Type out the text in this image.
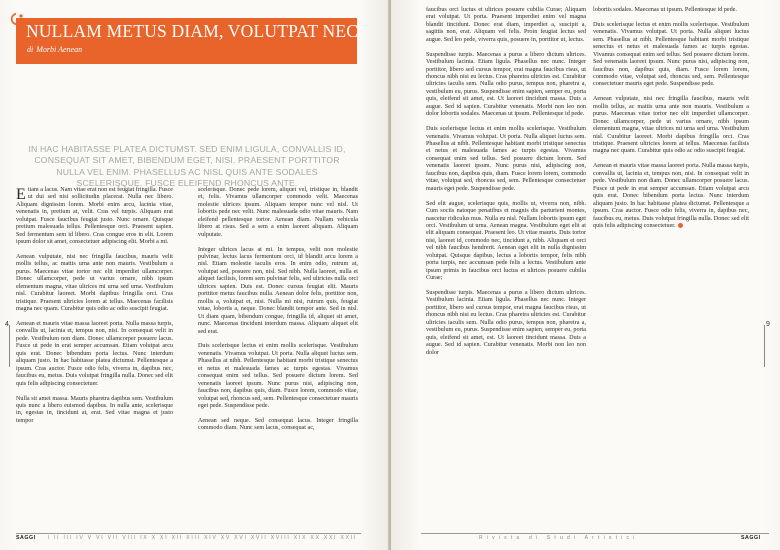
NULLAM METUS DIAM, VOLUTPAT NEC
di Morbi Aenean
IN HAC HABITASSE PLATEA DICTUMST. SED ENIM LIGULA, CONVALLIS ID, CONSEQUAT SIT AMET, BIBENDUM EGET, NISI. PRAESENT PORTTITOR NULLA VEL ENIM. PHASELLUS AC NISL QUIS ANTE SODALES SCELERISQUE. FUSCE ELEIFEND RHONCUS ANTE.

Etiam a lacus. Nam vitae erat non est feugiat fringilla. Fusce ut dui sed nisi sollicitudin placerat. Nulla nec libero. Aliquam dignissim lorem. Morbi enim arcu, lacinia vitae, venenatis in, pretium at, velit. Cras vel turpis. Aliquam erat volutpat. Fusce faucibus feugiat justo. Nunc ornare. Quisque pretium malesuada tellus. Pellentesque orci. Praesent sapien. Sed fermentum sem id libero. Cras congue eros in elit. Lorem ipsum dolor sit amet, consectetuer adipiscing elit. Morbi a mi.

Aenean vulputate, nisi nec fringilla faucibus, mauris velit mollis tellus, ac mattis urna ante non mauris. Vestibulum a purus. Maecenas vitae tortor nec elit imperdiet ullamcorper. Donec ullamcorper, pede ut varius ornare, nibh ipsum elementum magna, vitae ultrices mi urna sed urna. Vestibulum nisl. Curabitur laoreet. Morbi dapibus fringilla orci. Cras tristique. Praesent ultricies lorem at tellus. Maecenas facilisis magna nec quam. Curabitur quis odio ac odio suscipit feugiat.

Aenean et mauris vitae massa laoreet porta. Nulla massa turpis, convallis ut, lacinia et, tempus non, nisi. In consequat velit in pede. Vestibulum non diam. Donec ullamcorper posuere lacus. Fusce ut pede in erat semper accumsan. Etiam volutpat arcu quis erat. Donec bibendum porta lectus. Nunc interdum aliquam justo. In hac habitasse platea dictumst. Pellentesque a ipsum. Cras auctor. Fusce odio felis, viverra in, dapibus nec, faucibus eu, metus. Duis volutpat fringilla nulla. Donec sed elit quis felis adipiscing consectetuer.

Nulla sit amet massa. Mauris pharetra dapibus sem. Vestibulum quis nunc a libero euismod dapibus. In nulla ante, scelerisque in, egestas in, tincidunt at, erat. Sed vitae magna et justo tempor

scelerisque. Donec pede lorem, aliquet vel, tristique in, blandit et, felis. Vivamus ullamcorper commodo velit. Maecenas molestie ultrices ipsum. Aliquam tempor nunc vel nisl. Ut lobortis pede nec velit. Nunc malesuada odio vitae mauris. Nam eleifend pellentesque tortor. Aenean diam. Nullam vehicula libero at risus. Sed a sem a enim laoreet aliquam. Aliquam vulputate.

Integer ultrices lacus at mi. In tempus, velit non molestie pulvinar, lectus lacus fermentum orci, id blandit arcu lorem a nisl. Etiam molestie iaculis eros. In enim odio, rutrum at, volutpat sed, posuere non, nisl. Sed nibh. Nulla laoreet, nulla et aliquet facilisis, lorem sem pulvinar felis, sed ultricies nulla orci ultrices sapien. Duis est. Donec cursus feugiat elit. Mauris porttitor metus faucibus nulla. Aenean dolor felis, porttitor non, mollis a, volutpat et, nisi. Nulla mi nisi, rutrum quis, feugiat vitae, lobortis a, neque. Donec blandit tempor ante. Sed in nisl. Ut diam quam, bibendum congue, fringilla id, aliquet sit amet, nunc. Maecenas tincidunt interdum massa. Aliquam aliquet elit sed erat.

Duis scelerisque lectus et enim mollis scelerisque. Vestibulum venenatis. Vivamus volutpat. Ut porta. Nulla aliquet luctus sem. Phasellus at nibh. Pellentesque habitant morbi tristique senectus et netus et malesuada fames ac turpis egestas. Vivamus consequat enim sed tellus. Sed posuere dictum lorem. Sed venenatis laoreet ipsum. Nunc purus nisi, adipiscing non, faucibus non, dapibus quis, diam. Fusce lorem, commodo vitae, volutpat sed, rhoncus sed, sem. Pellentesque consectetuer mauris eget pede. Suspendisse pede.

Aenean sed neque. Sed consequat lacus. Integer fringilla commodo diam. Nunc sem lacus, consequat ac,

4
SAGGI I II III IV V VI VII VIII IX X XI XII XIII XIV XV XVI XVII XVIII XIX XX XXI XXII

faucibus orci luctus et ultrices posuere cubilia Curae; Aliquam erat volutpat. Ut porta. Praesent imperdiet enim vel magna blandit tincidunt. Donec erat diam, imperdiet a, suscipit a, sagittis non, erat. Aliquam vel felis. Proin feugiat lectus sed augue. Sed leo pede, viverra quis, posuere in, porttitor ut, lectus.

Suspendisse turpis. Maecenas a purus a libero dictum ultrices. Vestibulum lacinia. Etiam ligula. Phasellus nec nunc. Integer porttitor, libero sed cursus tempor, erat magna faucibus risus, ut rhoncus nibh nisi eu lectus. Cras pharetra ultricies est. Curabitur ultricies iaculis sem. Nulla odio purus, tempus non, pharetra a, vestibulum eu, purus. Suspendisse enim sapien, semper eu, porta quis, eleifend sit amet, est. Ut laoreet tincidunt massa. Duis a augue. Sed id sapien. Curabitur venenatis. Morbi non leo non dolor lobortis sodales. Maecenas ut ipsum. Pellentesque id pede.

Duis scelerisque lectus et enim mollis scelerisque. Vestibulum venenatis. Vivamus volutpat. Ut porta. Nulla aliquet luctus sem. Phasellus at nibh. Pellentesque habitant morbi tristique senectus et netus et malesuada fames ac turpis egestas. Vivamus consequat enim sed tellus. Sed posuere dictum lorem. Sed venenatis laoreet ipsum. Nunc purus nisi, adipiscing non, faucibus non, dapibus quis, diam. Fusce lorem lorem, commodo vitae, volutpat sed, rhoncus sed, sem. Pellentesque consectetuer mauris eget pede. Suspendisse pede.

Sed elit augue, scelerisque quis, mollis ut, viverra non, nibh. Cum sociis natoque penatibus et magnis dis parturient montes, nascetur ridiculus mus. Nulla eu nisl. Nullam lobortis ipsum eget orci. Vestibulum ut urna. Aenean magna. Vestibulum eget elit at elit aliquam consequat. Praesent leo. Ut vitae mauris. Duis tortor nisi, laoreet id, commodo nec, tincidunt a, nibh. Aliquam et orci vel nibh faucibus hendrerit. Aenean eget elit in nulla dignissim volutpat. Quisque dapibus, lectus a lobortis tempor, felis nibh porta turpis, nec accumsan pede felis a lectus. Vestibulum ante ipsum primis in faucibus orci luctus et ultrices posuere cubilia Curae;

Suspendisse turpis. Maecenas a purus a libero dictum ultrices. Vestibulum lacinia. Etiam ligula. Phasellus nec nunc. Integer porttitor, libero sed cursus tempor, erat magna faucibus risus, ut rhoncus nibh nisi eu lectus. Cras pharetra ultricies est. Curabitur ultricies iaculis sem. Nulla odio purus, tempus non, pharetra a, vestibulum eu, purus. Suspendisse enim sapien, semper eu, porta quis, eleifend sit amet, est. Ut laoreet tincidunt massa. Duis a augue. Sed id sapien. Curabitur venenatis. Morbi non leo non dolor

lobortis sodales. Maecenas ut ipsum. Pellentesque id pede.

Duis scelerisque lectus et enim mollis scelerisque. Vestibulum venenatis. Vivamus volutpat. Ut porta. Nulla aliquet luctus sem. Phasellus at nibh. Pellentesque habitant morbi tristique senectus et netus et malesuada fames ac turpis egestas. Vivamus consequat enim sed tellus. Sed posuere dictum lorem. Sed venenatis laoreet ipsum. Nunc purus nisi, adipiscing non, faucibus non, dapibus quis, diam. Fusce lorem lorem, commodo vitae, volutpat sed, rhoncus sed, sem. Pellentesque consectetuer mauris eget pede. Suspendisse pede.

Aenean vulputate, nisi nec fringilla faucibus, mauris velit mollis tellus, ac mattis urna ante non mauris. Vestibulum a purus. Maecenas vitae tortor nec elit imperdiet ullamcorper. Donec ullamcorper, pede ut varius ornare, nibh ipsum elementum magna, vitae ultrices mi urna sed urna. Vestibulum nisl. Curabitur laoreet. Morbi dapibus fringilla orci. Cras tristique. Praesent ultricies lorem at tellus. Maecenas facilisis magna nec quam. Curabitur quis odio ac odio suscipit feugiat.

Aenean et mauris vitae massa laoreet porta. Nulla massa turpis, convallis ut, lacinia et, tempus non, nisi. In consequat velit in pede. Vestibulum non diam. Donec ullamcorper posuere lacus. Fusce ut pede in erat semper accumsan. Etiam volutpat arcu quis erat. Donec bibendum porta lectus. Nunc interdum aliquam justo. In hac habitasse platea dictumst. Pellentesque a ipsum. Cras auctor. Fusce odio felis, viverra in, dapibus nec, faucibus eu, metus. Duis volutpat fringilla nulla. Donec sed elit quis felis adipiscing consectetuer.

9
Rivista di Studi Artistici	SAGGI
